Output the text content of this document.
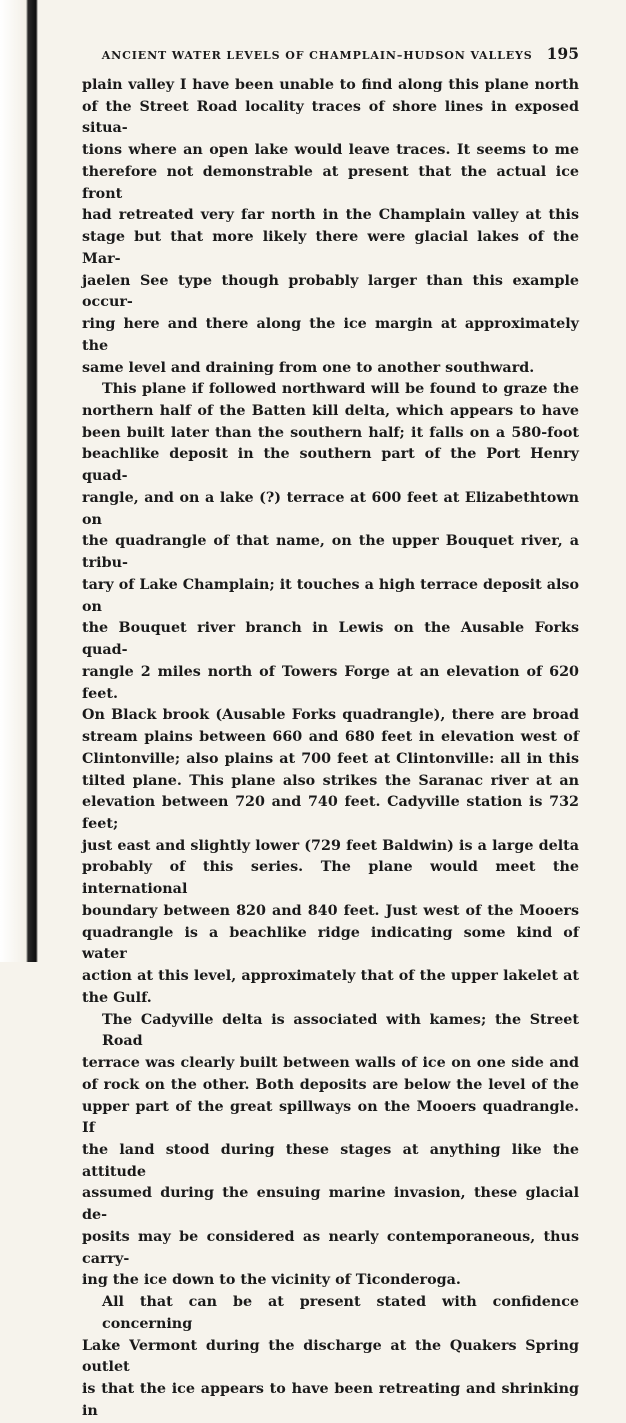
ANCIENT WATER LEVELS OF CHAMPLAIN–HUDSON VALLEYS 195

plain valley I have been unable to find along this plane north
of the Street Road locality traces of shore lines in exposed situa-
tions where an open lake would leave traces. It seems to me
therefore not demonstrable at present that the actual ice front
had retreated very far north in the Champlain valley at this
stage but that more likely there were glacial lakes of the Mar-
jaelen See type though probably larger than this example occur-
ring here and there along the ice margin at approximately the
same level and draining from one to another southward.

This plane if followed northward will be found to graze the
northern half of the Batten kill delta, which appears to have
been built later than the southern half; it falls on a 580-foot
beachlike deposit in the southern part of the Port Henry quad-
rangle, and on a lake (?) terrace at 600 feet at Elizabethtown on
the quadrangle of that name, on the upper Bouquet river, a tribu-
tary of Lake Champlain; it touches a high terrace deposit also on
the Bouquet river branch in Lewis on the Ausable Forks quad-
rangle 2 miles north of Towers Forge at an elevation of 620 feet.
On Black brook (Ausable Forks quadrangle), there are broad
stream plains between 660 and 680 feet in elevation west of
Clintonville; also plains at 700 feet at Clintonville: all in this
tilted plane. This plane also strikes the Saranac river at an
elevation between 720 and 740 feet. Cadyville station is 732 feet;
just east and slightly lower (729 feet Baldwin) is a large delta
probably of this series. The plane would meet the international
boundary between 820 and 840 feet. Just west of the Mooers
quadrangle is a beachlike ridge indicating some kind of water
action at this level, approximately that of the upper lakelet at
the Gulf.

The Cadyville delta is associated with kames; the Street Road
terrace was clearly built between walls of ice on one side and
of rock on the other. Both deposits are below the level of the
upper part of the great spillways on the Mooers quadrangle. If
the land stood during these stages at anything like the attitude
assumed during the ensuing marine invasion, these glacial de-
posits may be considered as nearly contemporaneous, thus carry-
ing the ice down to the vicinity of Ticonderoga.

All that can be at present stated with confidence concerning
Lake Vermont during the discharge at the Quakers Spring outlet
is that the ice appears to have been retreating and shrinking in
